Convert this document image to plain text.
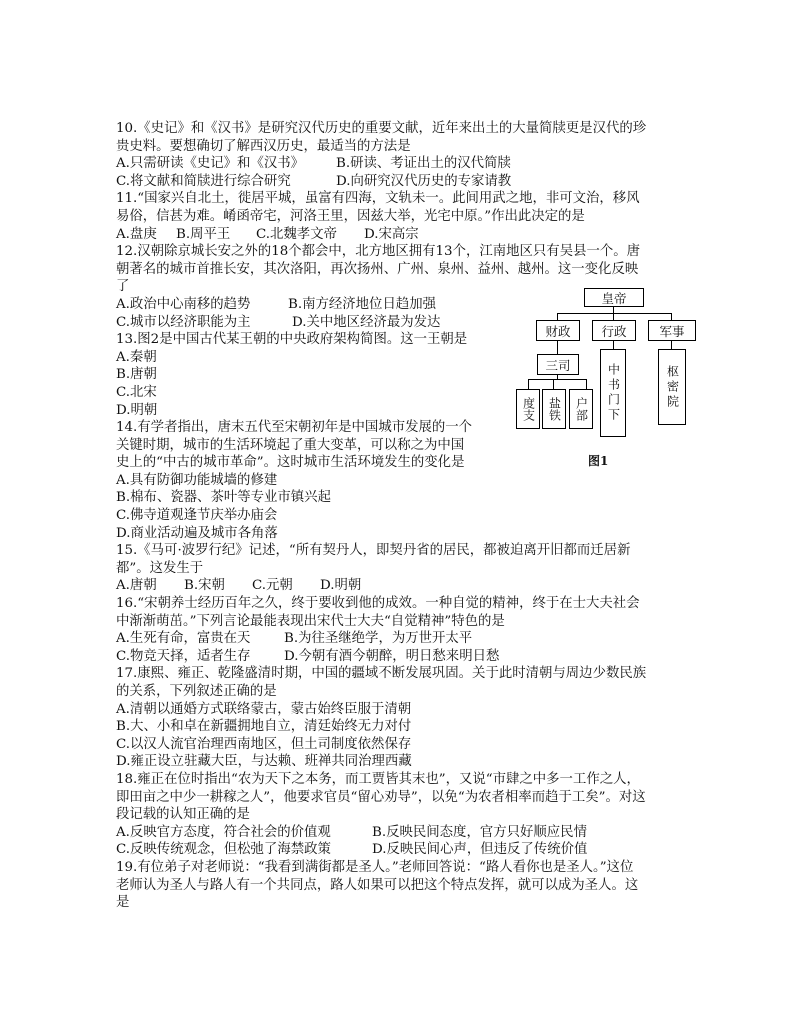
10.《史记》和《汉书》是研究汉代历史的重要文献，近年来出土的大量简牍更是汉代的珍
贵史料。要想确切了解西汉历史，最适当的方法是
A.只需研读《史记》和《汉书》	B.研读、考证出土的汉代简牍
C.将文献和简牍进行综合研究	D.向研究汉代历史的专家请教
11.“国家兴自北土，徙居平城，虽富有四海，文轨未一。此间用武之地，非可文治，移风
易俗，信甚为难。崤函帝宅，河洛王里，因兹大举，光宅中原。”作出此决定的是
A.盘庚	B.周平王	C.北魏孝文帝	D.宋高宗
12.汉朝除京城长安之外的18个都会中，北方地区拥有13个，江南地区只有吴县一个。唐
朝著名的城市首推长安，其次洛阳，再次扬州、广州、泉州、益州、越州。这一变化反映
了
A.政治中心南移的趋势	B.南方经济地位日趋加强
C.城市以经济职能为主	D.关中地区经济最为发达
13.图2是中国古代某王朝的中央政府架构简图。这一王朝是
A.秦朝
B.唐朝
C.北宋
D.明朝
14.有学者指出，唐末五代至宋朝初年是中国城市发展的一个
关键时期，城市的生活环境起了重大变革，可以称之为中国
史上的“中古的城市革命”。这时城市生活环境发生的变化是
A.具有防御功能城墙的修建
B.棉布、瓷器、茶叶等专业市镇兴起
C.佛寺道观逢节庆举办庙会
D.商业活动遍及城市各角落
15.《马可·波罗行纪》记述，“所有契丹人，即契丹省的居民，都被迫离开旧都而迁居新
都”。这发生于
A.唐朝	B.宋朝	C.元朝	D.明朝
16.“宋朝养士经历百年之久，终于要收到他的成效。一种自觉的精神，终于在士大夫社会
中渐渐萌茁。”下列言论最能表现出宋代士大夫“自觉精神”特色的是
A.生死有命，富贵在天	B.为往圣继绝学，为万世开太平
C.物竞天择，适者生存	D.今朝有酒今朝醉，明日愁来明日愁
17.康熙、雍正、乾隆盛清时期，中国的疆域不断发展巩固。关于此时清朝与周边少数民族
的关系，下列叙述正确的是
A.清朝以通婚方式联络蒙古，蒙古始终臣服于清朝
B.大、小和卓在新疆拥地自立，清廷始终无力对付
C.以汉人流官治理西南地区，但土司制度依然保存
D.雍正设立驻藏大臣，与达赖、班禅共同治理西藏
18.雍正在位时指出“农为天下之本务，而工贾皆其末也”，又说“市肆之中多一工作之人，
即田亩之中少一耕稼之人”，他要求官员“留心劝导”，以免“为农者相率而趋于工矣”。对这
段记载的认知正确的是
A.反映官方态度，符合社会的价值观	B.反映民间态度，官方只好顺应民情
C.反映传统观念，但松弛了海禁政策	D.反映民间心声，但违反了传统价值
19.有位弟子对老师说：“我看到满街都是圣人。”老师回答说：“路人看你也是圣人。”这位
老师认为圣人与路人有一个共同点，路人如果可以把这个特点发挥，就可以成为圣人。这
是
皇帝
财政	行政	军事
三司
度支 盐铁 户部 中书门下	枢密院
图1
